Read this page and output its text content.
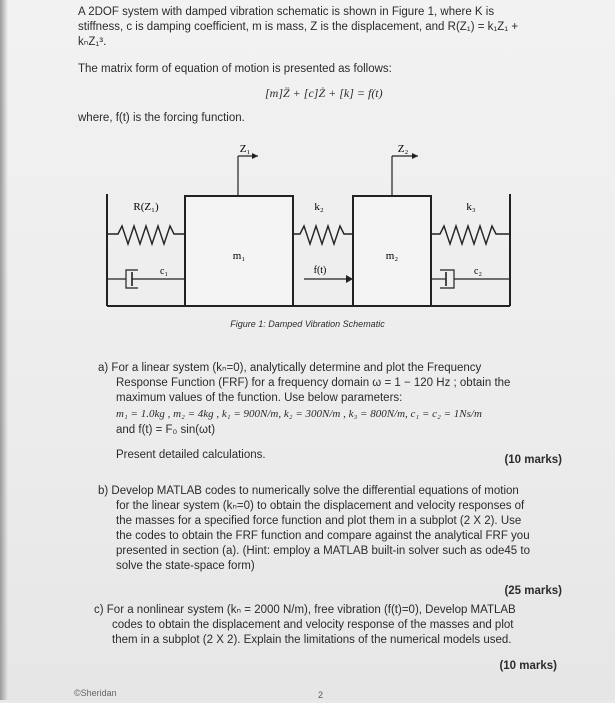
A 2DOF system with damped vibration schematic is shown in Figure 1, where K is
stiffness, c is damping coefficient, m is mass, Z is the displacement, and R(Z₁) = k₁Z₁ +
kₙZ₁³.
The matrix form of equation of motion is presented as follows:
[m]Z̈ + [c]Ż + [k] = f(t)
where, f(t) is the forcing function.
Z₁	Z₂
R(Z₁)	k₂	k₃
m₁	m₂
c₁	c₂
f(t)
Figure 1: Damped Vibration Schematic
a) For a linear system (kₙ=0), analytically determine and plot the Frequency
Response Function (FRF) for a frequency domain ω = 1 − 120 Hz ; obtain the
maximum values of the function. Use below parameters:
m₁ = 1.0kg , m₂ = 4kg , k₁ = 900N/m, k₂ = 300N/m , k₃ = 800N/m, c₁ = c₂ = 1Ns/m
and f(t) = F₀ sin(ωt)
Present detailed calculations.	(10 marks)
b) Develop MATLAB codes to numerically solve the differential equations of motion
for the linear system (kₙ=0) to obtain the displacement and velocity responses of
the masses for a specified force function and plot them in a subplot (2 X 2). Use
the codes to obtain the FRF function and compare against the analytical FRF you
presented in section (a). (Hint: employ a MATLAB built-in solver such as ode45 to
solve the state-space form)
(25 marks)
c) For a nonlinear system (kₙ = 2000 N/m), free vibration (f(t)=0), Develop MATLAB
codes to obtain the displacement and velocity response of the masses and plot
them in a subplot (2 X 2). Explain the limitations of the numerical models used.
(10 marks)
©Sheridan	2
